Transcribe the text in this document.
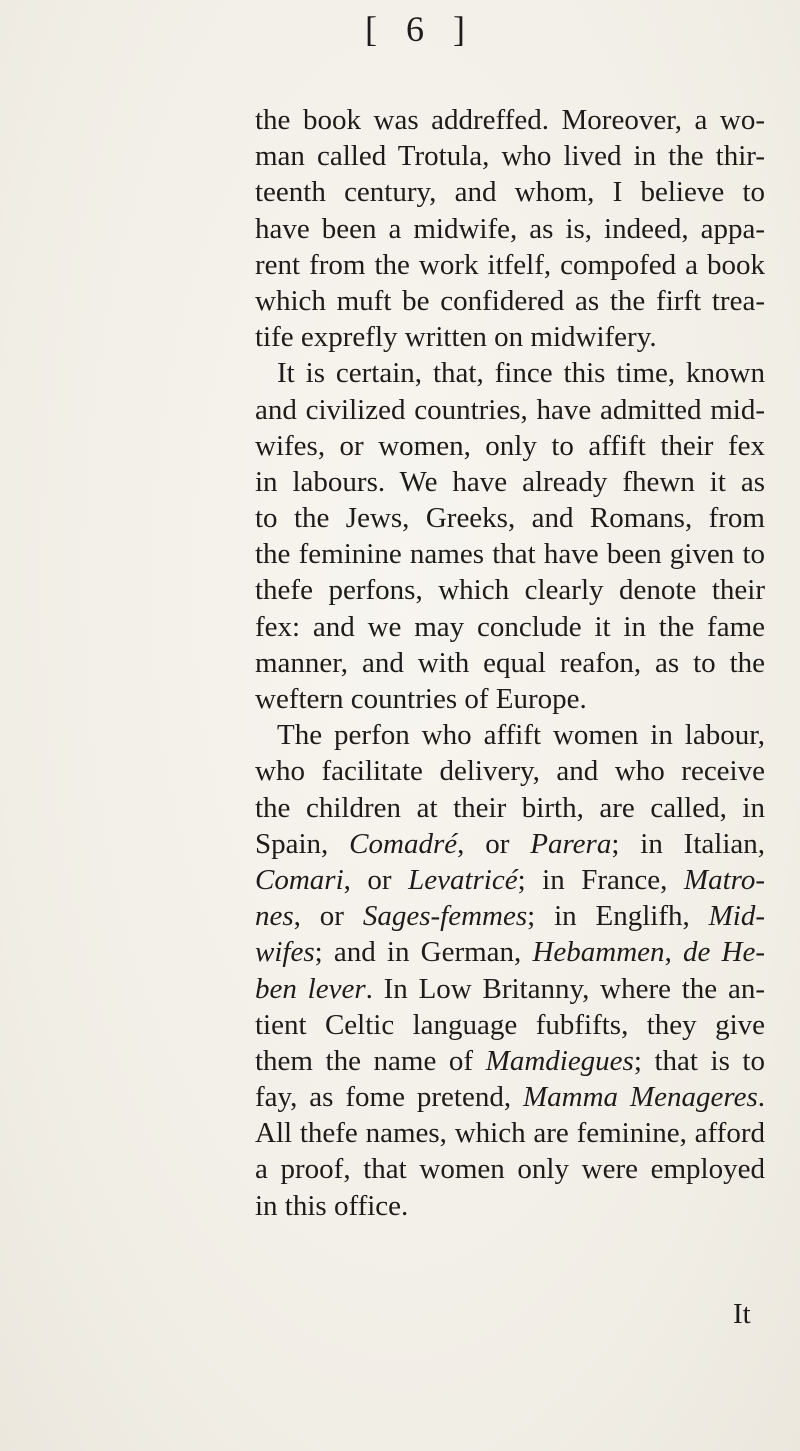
[ 6 ]
the book was addreffed. Moreover, a wo-
man called Trotula, who lived in the thir-
teenth century, and whom, I believe to
have been a midwife, as is, indeed, appa-
rent from the work itfelf, compofed a book
which muft be confidered as the firft trea-
tife exprefly written on midwifery.
It is certain, that, fince this time, known
and civilized countries, have admitted mid-
wifes, or women, only to affift their fex
in labours. We have already fhewn it as
to the Jews, Greeks, and Romans, from
the feminine names that have been given to
thefe perfons, which clearly denote their
fex: and we may conclude it in the fame
manner, and with equal reafon, as to the
weftern countries of Europe.
The perfon who affift women in labour,
who facilitate delivery, and who receive
the children at their birth, are called, in
Spain, Comadré, or Parera; in Italian,
Comari, or Levatricé; in France, Matro-
nes, or Sages-femmes; in Englifh, Mid-
wifes; and in German, Hebammen, de He-
ben lever. In Low Britanny, where the an-
tient Celtic language fubfifts, they give
them the name of Mamdiegues; that is to
fay, as fome pretend, Mamma Menageres.
All thefe names, which are feminine, afford
a proof, that women only were employed
in this office.
It
